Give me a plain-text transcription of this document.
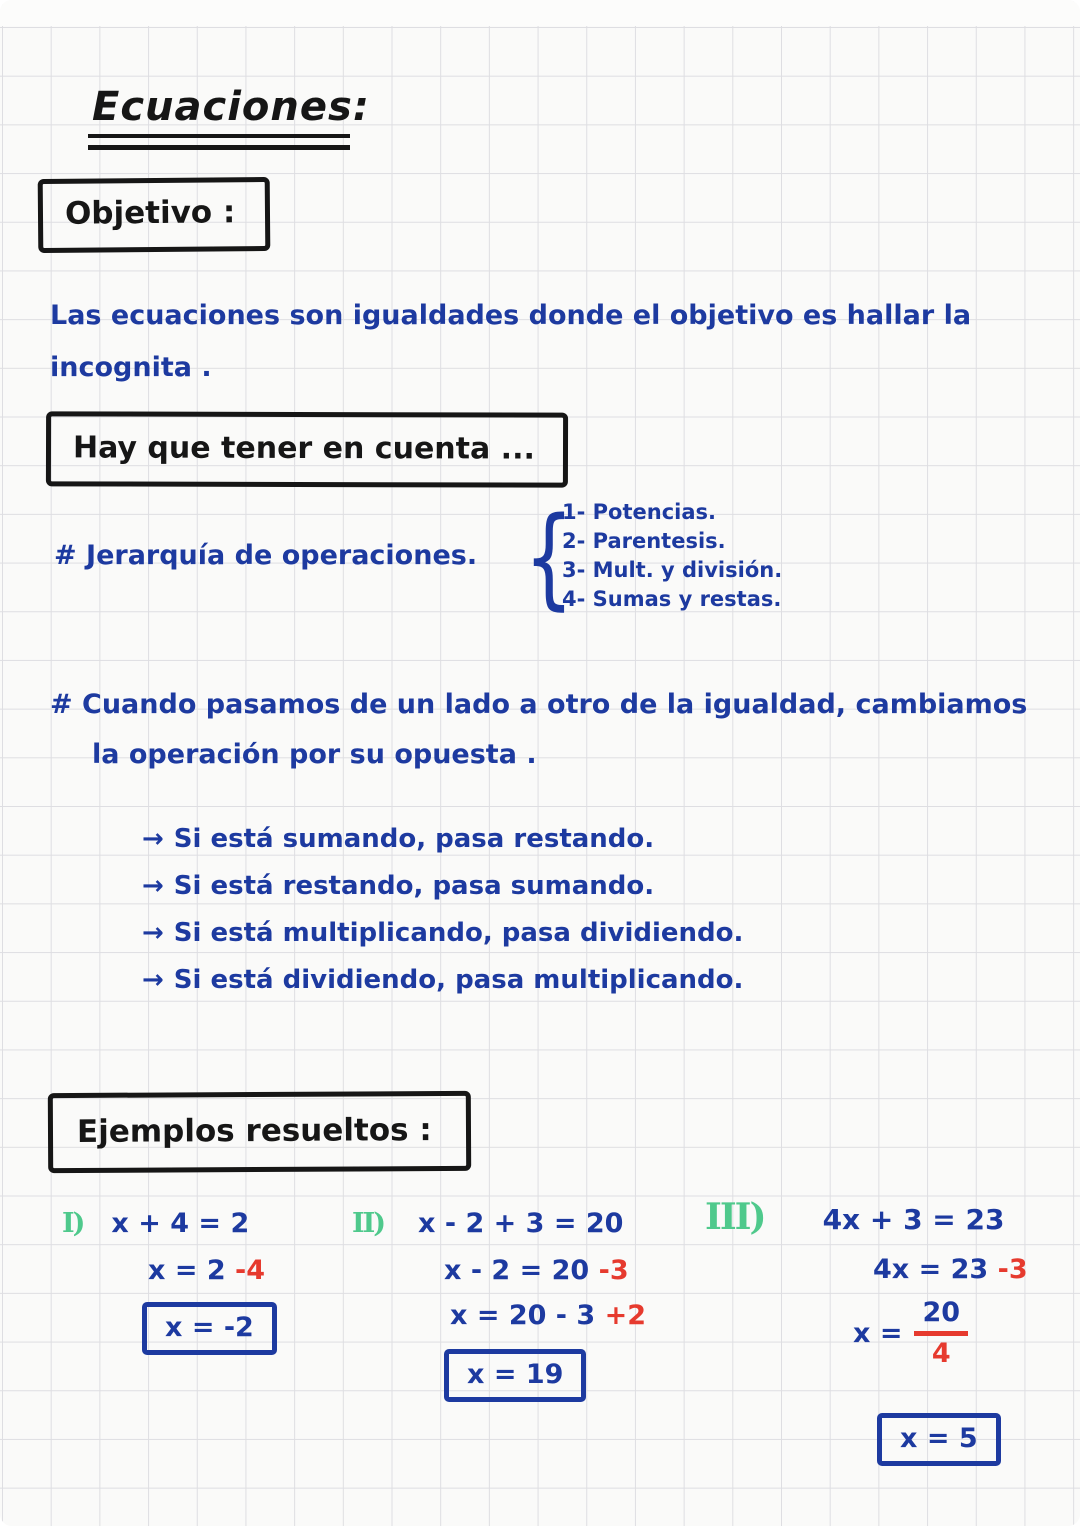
Ecuaciones:
Objetivo :
Las ecuaciones son igualdades donde el objetivo es hallar la
incognita .
Hay que tener en cuenta ...
# Jerarquía de operaciones. {
1- Potencias.
2- Parentesis.
3- Mult. y división.
4- Sumas y restas.
# Cuando pasamos de un lado a otro de la igualdad, cambiamos
la operación por su opuesta .
→ Si está sumando, pasa restando.
→ Si está restando, pasa sumando.
→ Si está multiplicando, pasa dividiendo.
→ Si está dividiendo, pasa multiplicando.
Ejemplos resueltos :
I) x + 4 = 2
x = 2 -4
x = -2
II) x - 2 + 3 = 20
x - 2 = 20 -3
x = 20 - 3 +2
x = 19
III) 4x + 3 = 23
4x = 23 -3
$x = \frac{20}{4}$
x = 5
